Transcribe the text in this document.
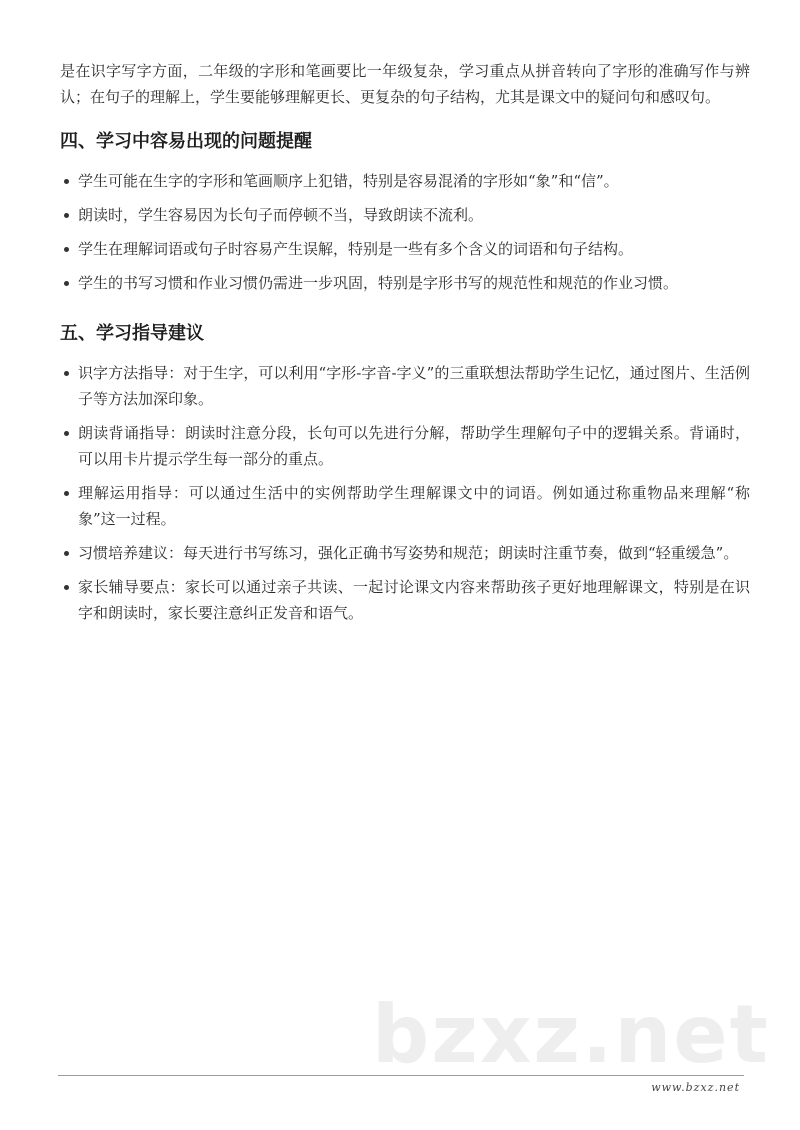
是在识字写字方面，二年级的字形和笔画要比一年级复杂，学习重点从拼音转向了字形的准确写作与辨认；在句子的理解上，学生要能够理解更长、更复杂的句子结构，尤其是课文中的疑问句和感叹句。

四、学习中容易出现的问题提醒
学生可能在生字的字形和笔画顺序上犯错，特别是容易混淆的字形如“象”和“信”。
朗读时，学生容易因为长句子而停顿不当，导致朗读不流利。
学生在理解词语或句子时容易产生误解，特别是一些有多个含义的词语和句子结构。
学生的书写习惯和作业习惯仍需进一步巩固，特别是字形书写的规范性和规范的作业习惯。
五、学习指导建议
识字方法指导：对于生字，可以利用“字形-字音-字义”的三重联想法帮助学生记忆，通过图片、生活例子等方法加深印象。
朗读背诵指导：朗读时注意分段，长句可以先进行分解，帮助学生理解句子中的逻辑关系。背诵时，可以用卡片提示学生每一部分的重点。
理解运用指导：可以通过生活中的实例帮助学生理解课文中的词语。例如通过称重物品来理解“称象”这一过程。
习惯培养建议：每天进行书写练习，强化正确书写姿势和规范；朗读时注重节奏，做到“轻重缓急”。
家长辅导要点：家长可以通过亲子共读、一起讨论课文内容来帮助孩子更好地理解课文，特别是在识字和朗读时，家长要注意纠正发音和语气。
bzxz.net
www.bzxz.net
